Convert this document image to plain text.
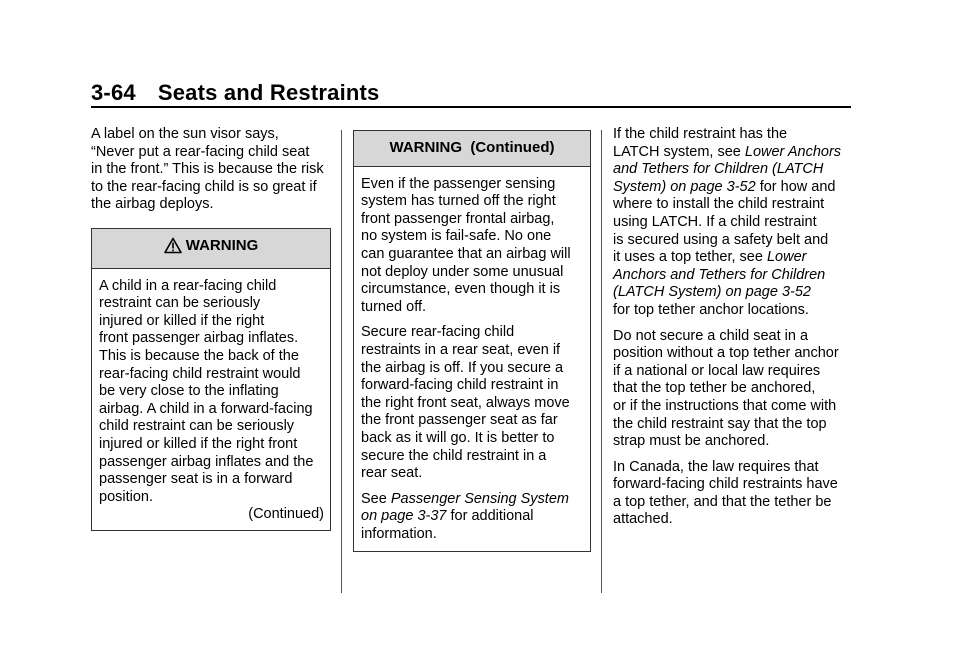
3-64 Seats and Restraints

A label on the sun visor says,
“Never put a rear-facing child seat
in the front.” This is because the risk
to the rear-facing child is so great if
the airbag deploys.

WARNING
A child in a rear-facing child
restraint can be seriously
injured or killed if the right
front passenger airbag inflates.
This is because the back of the
rear-facing child restraint would
be very close to the inflating
airbag. A child in a forward-facing
child restraint can be seriously
injured or killed if the right front
passenger airbag inflates and the
passenger seat is in a forward
position.
(Continued)
WARNING  (Continued)

Even if the passenger sensing
system has turned off the right
front passenger frontal airbag,
no system is fail-safe. No one
can guarantee that an airbag will
not deploy under some unusual
circumstance, even though it is
turned off.

Secure rear-facing child
restraints in a rear seat, even if
the airbag is off. If you secure a
forward-facing child restraint in
the right front seat, always move
the front passenger seat as far
back as it will go. It is better to
secure the child restraint in a
rear seat.

See Passenger Sensing System
on page 3-37 for additional
information.

If the child restraint has the
LATCH system, see Lower Anchors
and Tethers for Children (LATCH
System) on page 3-52 for how and
where to install the child restraint
using LATCH. If a child restraint
is secured using a safety belt and
it uses a top tether, see Lower
Anchors and Tethers for Children
(LATCH System) on page 3-52
for top tether anchor locations.

Do not secure a child seat in a
position without a top tether anchor
if a national or local law requires
that the top tether be anchored,
or if the instructions that come with
the child restraint say that the top
strap must be anchored.

In Canada, the law requires that
forward-facing child restraints have
a top tether, and that the tether be
attached.
